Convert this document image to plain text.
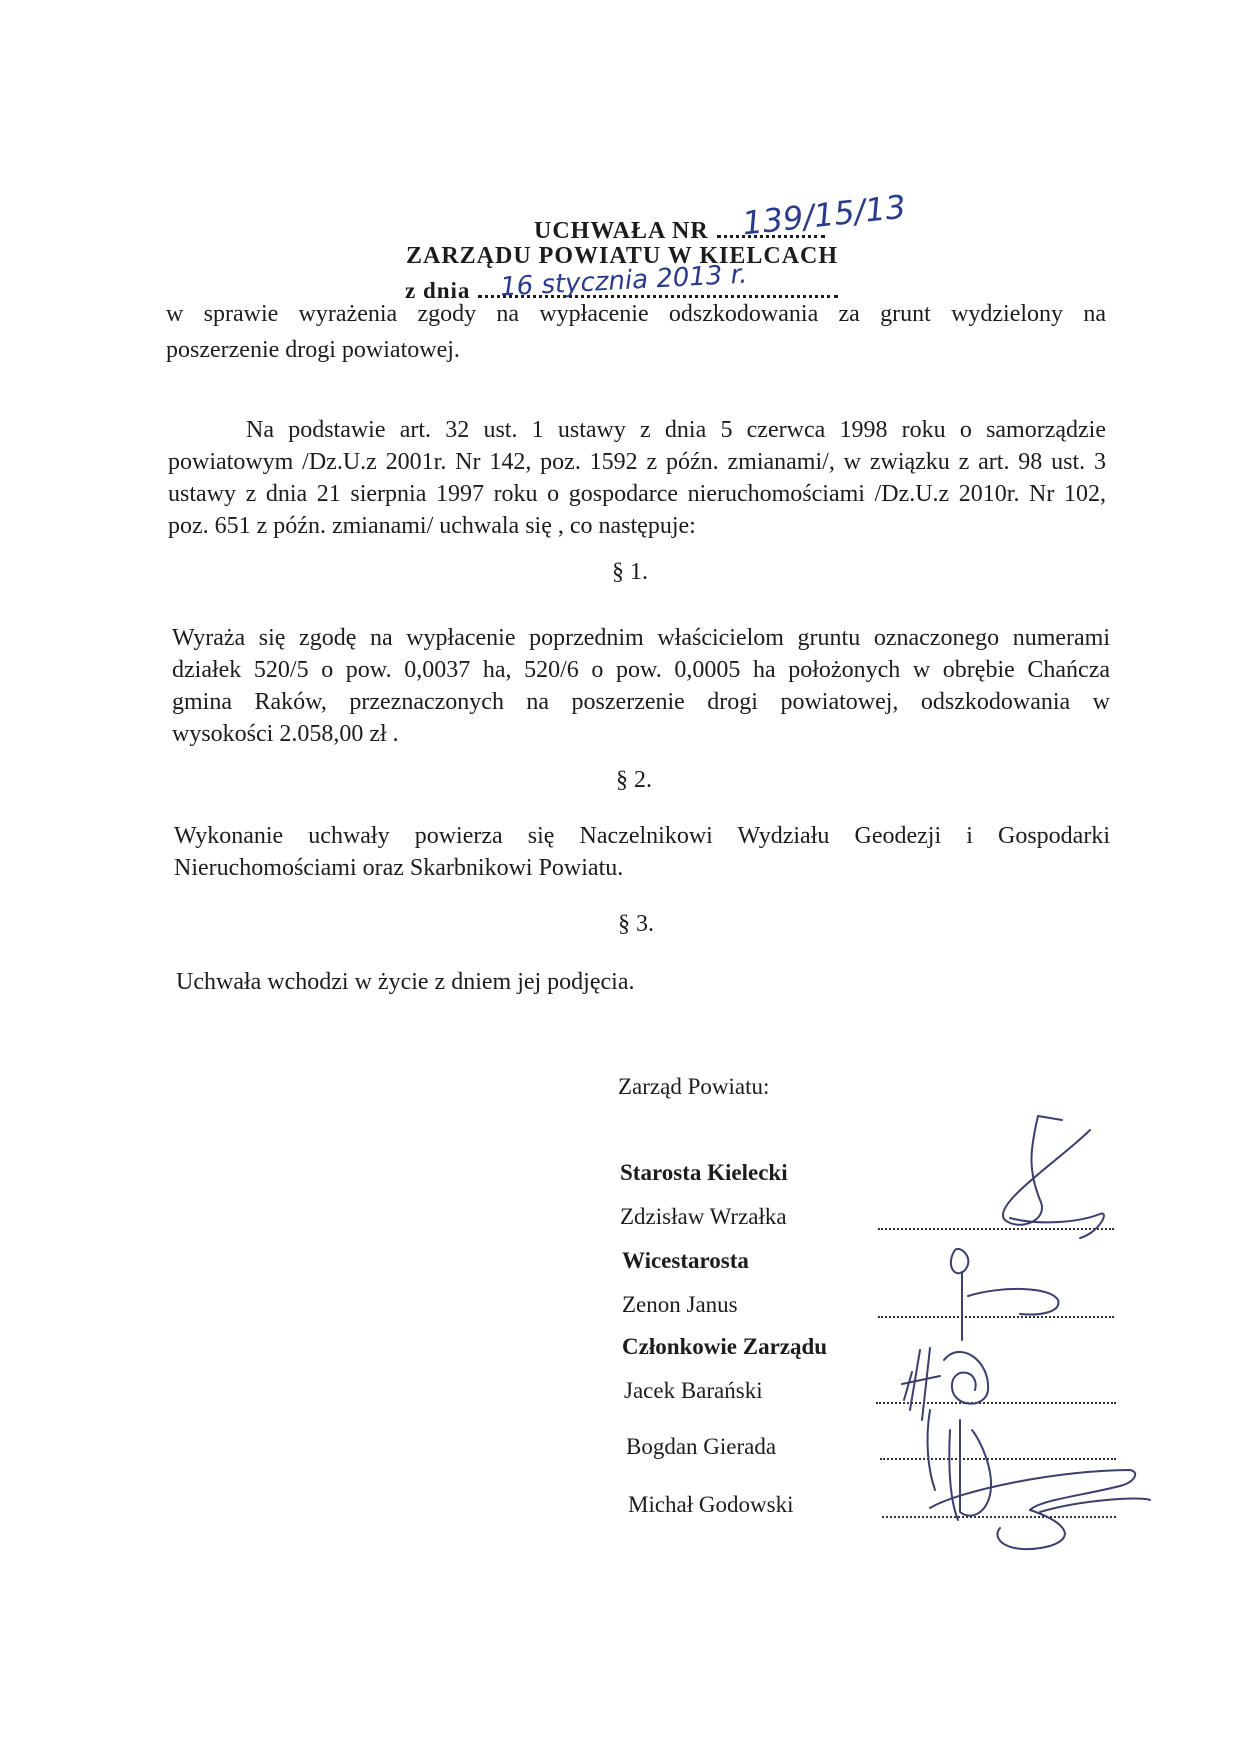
UCHWAŁA NR 139/15/13
ZARZĄDU POWIATU W KIELCACH
z dnia	16 stycznia 2013 r.
w sprawie wyrażenia zgody na wypłacenie odszkodowania za grunt wydzielony na
poszerzenie drogi powiatowej.
Na podstawie art. 32 ust. 1 ustawy z dnia 5 czerwca 1998 roku o samorządzie
powiatowym /Dz.U.z 2001r. Nr 142, poz. 1592 z późn. zmianami/, w związku z art. 98 ust. 3
ustawy z dnia 21 sierpnia 1997 roku o gospodarce nieruchomościami /Dz.U.z 2010r. Nr 102,
poz. 651 z późn. zmianami/ uchwala się , co następuje:
§ 1.
Wyraża się zgodę na wypłacenie poprzednim właścicielom gruntu oznaczonego numerami
działek 520/5 o pow. 0,0037 ha, 520/6 o pow. 0,0005 ha położonych w obrębie Chańcza
gmina Raków, przeznaczonych na poszerzenie drogi powiatowej, odszkodowania w
wysokości 2.058,00 zł .
§ 2.
Wykonanie uchwały powierza się Naczelnikowi Wydziału Geodezji i Gospodarki
Nieruchomościami oraz Skarbnikowi Powiatu.
§ 3.
Uchwała wchodzi w życie z dniem jej podjęcia.
Zarząd Powiatu:
Starosta Kielecki
Zdzisław Wrzałka
Wicestarosta
Zenon Janus
Członkowie Zarządu
Jacek Barański
Bogdan Gierada
Michał Godowski
